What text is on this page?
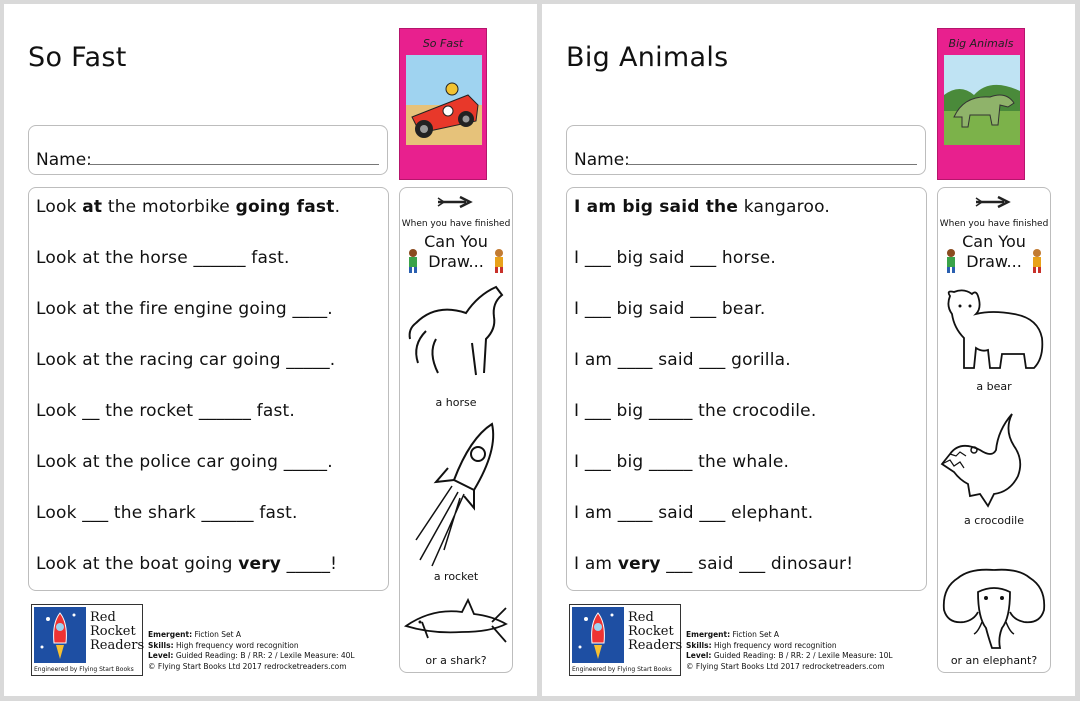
So Fast	So Fast
Name:
Look at the motorbike going fast.
Look at the horse ______ fast.
Look at the fire engine going ____.
Look at the racing car going _____.
Look __ the rocket ______ fast.
Look at the police car going _____.
Look ___ the shark ______ fast.
Look at the boat going very _____!
When you have finished
Can You
Draw...
a horse
a rocket
or a shark?
Red
Rocket
Readers
Engineered by Flying Start Books
Emergent: Fiction Set A
Skills: High frequency word recognition
Level: Guided Reading: B / RR: 2 / Lexile Measure: 40L
© Flying Start Books Ltd 2017 redrocketreaders.com
Big Animals	Big Animals
Name:
I am big said the kangaroo.
I ___ big said ___ horse.
I ___ big said ___ bear.
I am ____ said ___ gorilla.
I ___ big _____ the crocodile.
I ___ big _____ the whale.
I am ____ said ___ elephant.
I am very ___ said ___ dinosaur!
When you have finished
Can You
Draw...
a bear
a crocodile
or an elephant?
Red
Rocket
Readers
Engineered by Flying Start Books
Emergent: Fiction Set A
Skills: High frequency word recognition
Level: Guided Reading: B / RR: 2 / Lexile Measure: 10L
© Flying Start Books Ltd 2017 redrocketreaders.com
